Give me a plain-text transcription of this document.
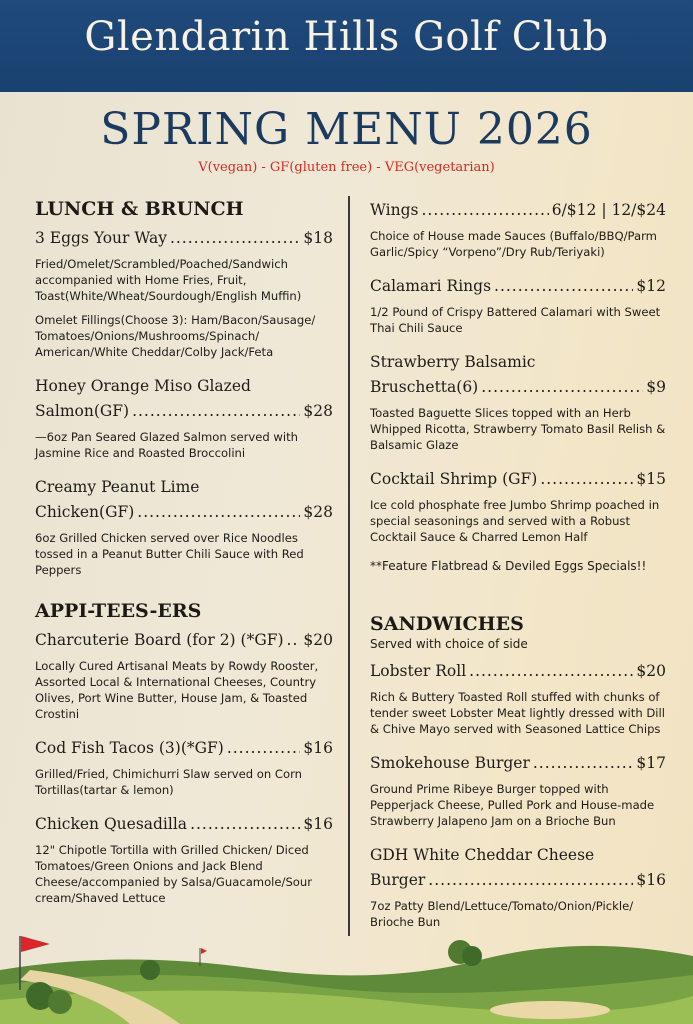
Glendarin Hills Golf Club
SPRING MENU 2026
V(vegan) - GF(gluten free) - VEG(vegetarian)
LUNCH & BRUNCH
3 Eggs Your Way .....	$18

Fried/Omelet/Scrambled/Poached/Sandwich accompanied with Home Fries, Fruit, Toast(White/Wheat/Sourdough/English Muffin)

Omelet Fillings(Choose 3): Ham/Bacon/Sausage/ Tomatoes/Onions/Mushrooms/Spinach/ American/White Cheddar/Colby Jack/Feta

Honey Orange Miso Glazed
Salmon(GF) .....	$28

—6oz Pan Seared Glazed Salmon served with Jasmine Rice and Roasted Broccolini

Creamy Peanut Lime
Chicken(GF) .....	$28

6oz Grilled Chicken served over Rice Noodles tossed in a Peanut Butter Chili Sauce with Red Peppers

APPI-TEES-ERS
Charcuterie Board (for 2) (*GF) ..... $20

Locally Cured Artisanal Meats by Rowdy Rooster, Assorted Local & International Cheeses, Country Olives, Port Wine Butter, House Jam, & Toasted Crostini

Cod Fish Tacos (3)(*GF) .....	$16

Grilled/Fried, Chimichurri Slaw served on Corn Tortillas(tartar & lemon)

Chicken Quesadilla .....	$16

12" Chipotle Tortilla with Grilled Chicken/ Diced Tomatoes/Green Onions and Jack Blend Cheese/accompanied by Salsa/Guacamole/Sour cream/Shaved Lettuce

Wings .....	6/$12 | 12/$24

Choice of House made Sauces (Buffalo/BBQ/Parm Garlic/Spicy “Vorpeno”/Dry Rub/Teriyaki)

Calamari Rings .....	$12

1/2 Pound of Crispy Battered Calamari with Sweet Thai Chili Sauce

Strawberry Balsamic
Bruschetta(6) .....	$9

Toasted Baguette Slices topped with an Herb Whipped Ricotta, Strawberry Tomato Basil Relish & Balsamic Glaze

Cocktail Shrimp (GF) .....	$15

Ice cold phosphate free Jumbo Shrimp poached in special seasonings and served with a Robust Cocktail Sauce & Charred Lemon Half

**Feature Flatbread & Deviled Eggs Specials!!
SANDWICHES
Served with choice of side
Lobster Roll .....	$20

Rich & Buttery Toasted Roll stuffed with chunks of tender sweet Lobster Meat lightly dressed with Dill & Chive Mayo served with Seasoned Lattice Chips

Smokehouse Burger .....	$17

Ground Prime Ribeye Burger topped with Pepperjack Cheese, Pulled Pork and House-made Strawberry Jalapeno Jam on a Brioche Bun

GDH White Cheddar Cheese
Burger .....	$16

7oz Patty Blend/Lettuce/Tomato/Onion/Pickle/ Brioche Bun
